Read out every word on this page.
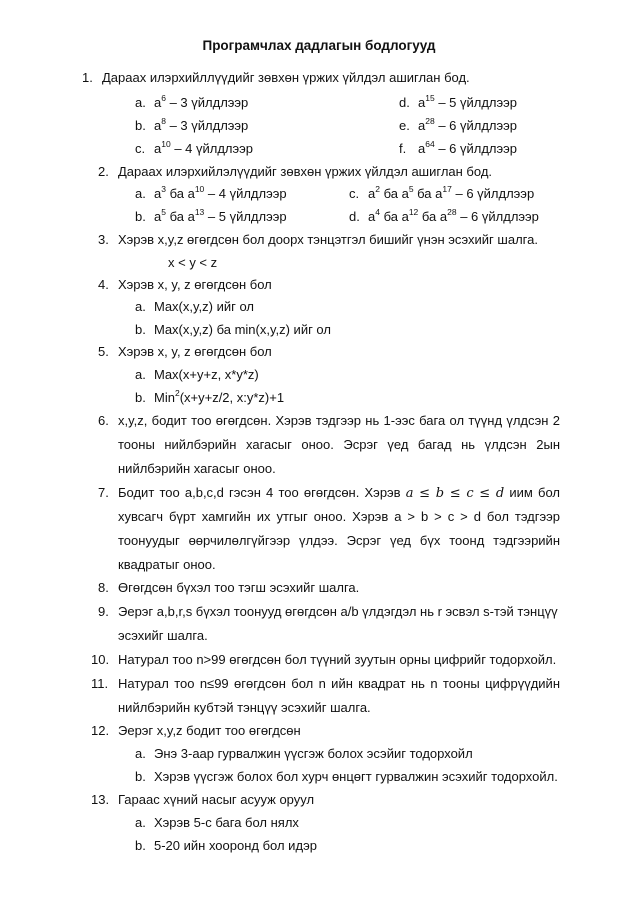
Програмчлах дадлагын бодлогууд
1. Дараах илэрхийллүүдийг зөвхөн үржих үйлдэл ашиглан бод.
a. $a^6 - 3$ үйлдлээр	d. $a^{15} - 5$ үйлдлээр
b. $a^8 - 3$ үйлдлээр	e. $a^{28} - 6$ үйлдлээр
c. $a^{10} - 4$ үйлдлээр	f. $a^{64} - 6$ үйлдлээр
2. Дараах илэрхийлэлүүдийг зөвхөн үржих үйлдэл ашиглан бод.
a. $a^3$ ба $a^{10} - 4$ үйлдлээр	c. $a^2$ ба $a^5$ ба $a^{17} - 6$ үйлдлээр
b. $a^5$ ба $a^{13} - 5$ үйлдлээр	d. $a^4$ ба $a^{12}$ ба $a^{28} - 6$ үйлдлээр
3. Хэрэв x,y,z өгөгдсөн бол доорх тэнцэтгэл бишийг үнэн эсэхийг шалга.
x < y < z
4. Хэрэв x, y, z өгөгдсөн бол
a. Max(x,y,z) ийг ол
b. Max(x,y,z) ба min(x,y,z) ийг ол
5. Хэрэв x, y, z өгөгдсөн бол
a. Max(x+y+z, x*y*z)
b. Min$^2$(x+y+z/2, x:y*z)+1
6. x,y,z, бодит тоо өгөгдсөн. Хэрэв тэдгээр нь 1-ээс бага ол түүнд үлдсэн 2
тооны нийлбэрийн хагасыг оноо. Эсрэг үед багад нь үлдсэн 2ын
нийлбэрийн хагасыг оноо.
7. Бодит тоо a,b,c,d гэсэн 4 тоо өгөгдсөн. Хэрэв a ≤ b ≤ c ≤ d иим бол
хувсагч бүрт хамгийн их утгыг оноо. Хэрэв a > b > c > d бол тэдгээр
тоонуудыг өөрчилөлгүйгээр үлдээ. Эсрэг үед бүх тоонд тэдгээрийн
квадратыг оноо.
8. Өгөгдсөн бүхэл тоо тэгш эсэхийг шалга.
9. Эерэг a,b,r,s бүхэл тоонууд өгөгдсөн a/b үлдэгдэл нь r эсвэл s-тэй тэнцүү
эсэхийг шалга.
10. Натурал тоо n>99 өгөгдсөн бол түүний зуутын орны цифрийг тодорхойл.
11. Натурал тоо n≤99 өгөгдсөн бол n ийн квадрат нь n тооны цифрүүдийн
нийлбэрийн кубтэй тэнцүү эсэхийг шалга.
12. Эерэг x,y,z бодит тоо өгөгдсөн
a. Энэ 3-аар гурвалжин үүсгэж болох эсэйиг тодорхойл
b. Хэрэв үүсгэж болох бол хурч өнцөгт гурвалжин эсэхийг тодорхойл.
13. Гараас хүний насыг асууж оруул
a. Хэрэв 5-с бага бол нялх
b. 5-20 ийн хооронд бол идэр
